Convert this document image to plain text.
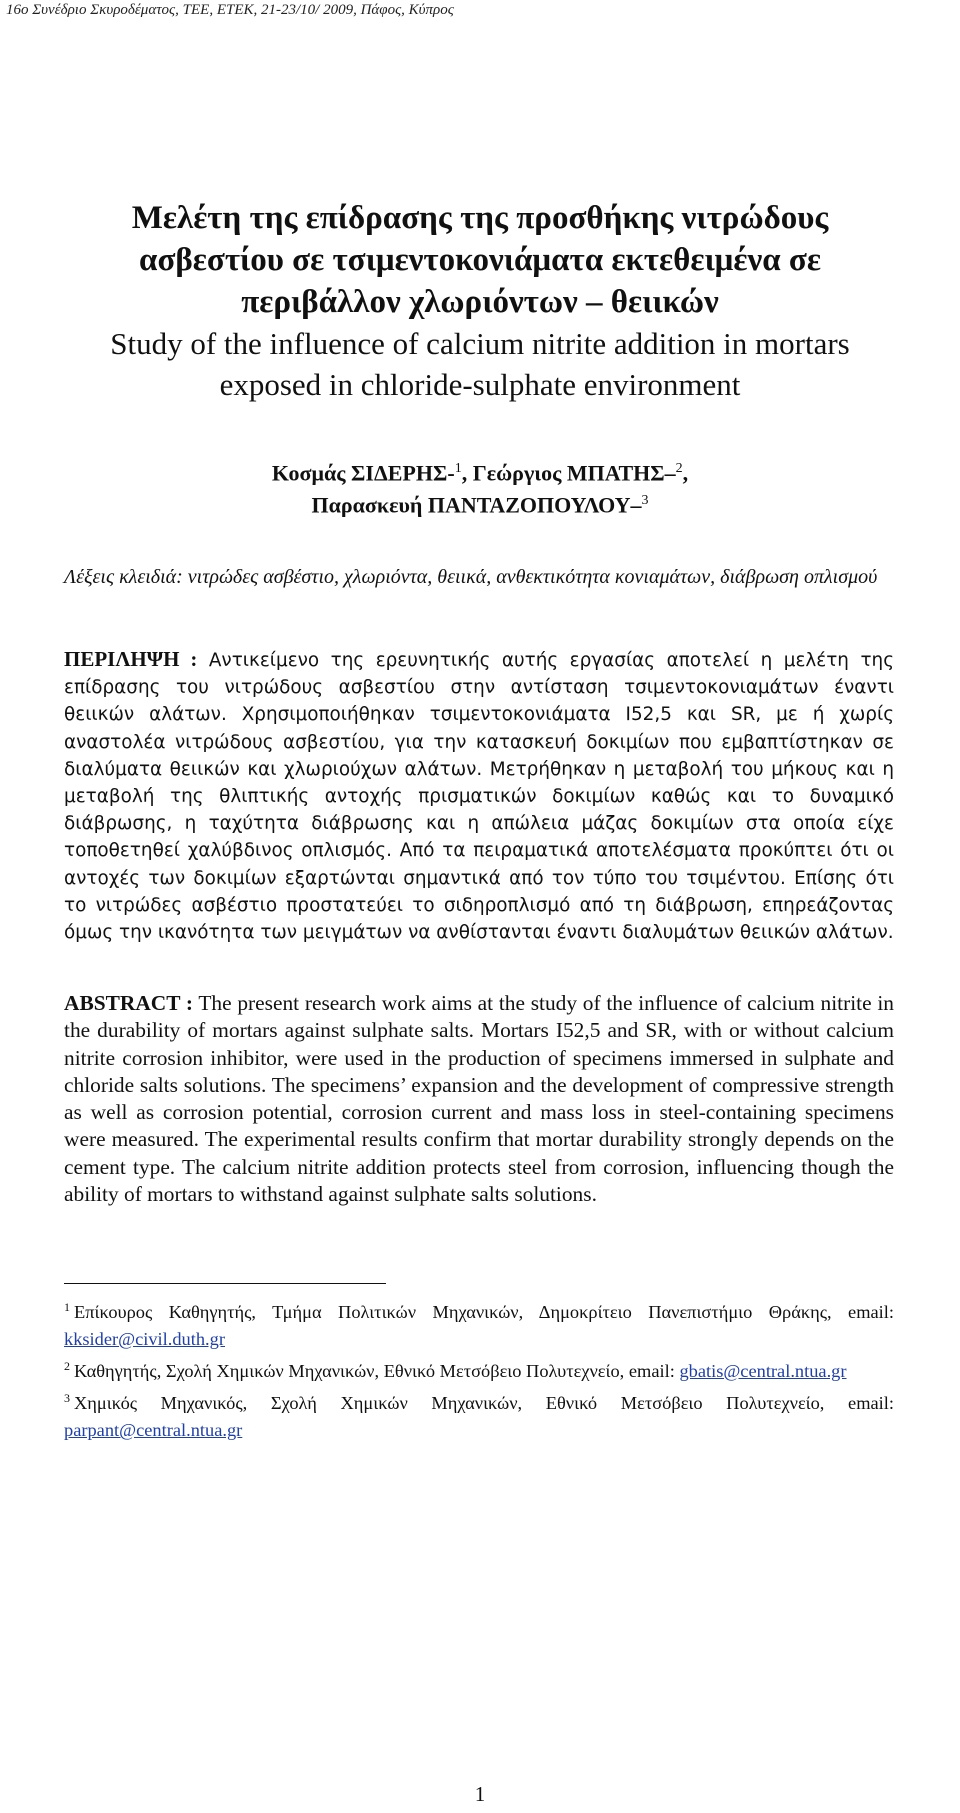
16ο Συνέδριο Σκυροδέματος, ΤΕΕ, ΕΤΕΚ, 21-23/10/ 2009, Πάφος, Κύπρος
Μελέτη της επίδρασης της προσθήκης νιτρώδους
ασβεστίου σε τσιμεντοκονιάματα εκτεθειμένα σε
περιβάλλον χλωριόντων – θειικών
Study of the influence of calcium nitrite addition in mortars
exposed in chloride-sulphate environment
Κοσμάς ΣΙΔΕΡΗΣ-$^1$, Γεώργιος ΜΠΑΤΗΣ–$^2$,
Παρασκευή ΠΑΝΤΑΖΟΠΟΥΛΟΥ–$^3$
Λέξεις κλειδιά: νιτρώδες ασβέστιο, χλωριόντα, θειικά, ανθεκτικότητα κονιαμάτων, διάβρωση οπλισμού
ΠΕΡΙΛΗΨΗ : Αντικείμενο της ερευνητικής αυτής εργασίας αποτελεί η μελέτη της επίδρασης του νιτρώδους ασβεστίου στην αντίσταση τσιμεντοκονιαμάτων έναντι θειικών αλάτων. Χρησιμοποιήθηκαν τσιμεντοκονιάματα Ι52,5 και SR, με ή χωρίς αναστολέα νιτρώδους ασβεστίου, για την κατασκευή δοκιμίων που εμβαπτίστηκαν σε διαλύματα θειικών και χλωριούχων αλάτων. Μετρήθηκαν η μεταβολή του μήκους και η μεταβολή της θλιπτικής αντοχής πρισματικών δοκιμίων καθώς και το δυναμικό διάβρωσης, η ταχύτητα διάβρωσης και η απώλεια μάζας δοκιμίων στα οποία είχε τοποθετηθεί χαλύβδινος οπλισμός. Από τα πειραματικά αποτελέσματα προκύπτει ότι οι αντοχές των δοκιμίων εξαρτώνται σημαντικά από τον τύπο του τσιμέντου. Επίσης ότι το νιτρώδες ασβέστιο προστατεύει το σιδηροπλισμό από τη διάβρωση, επηρεάζοντας όμως την ικανότητα των μειγμάτων να ανθίστανται έναντι διαλυμάτων θειικών αλάτων.
ABSTRACT : The present research work aims at the study of the influence of calcium nitrite in the durability of mortars against sulphate salts. Mortars I52,5 and SR, with or without calcium nitrite corrosion inhibitor, were used in the production of specimens immersed in sulphate and chloride salts solutions. The specimens’ expansion and the development of compressive strength as well as corrosion potential, corrosion current and mass loss in steel-containing specimens were measured. The experimental results confirm that mortar durability strongly depends on the cement type. The calcium nitrite addition protects steel from corrosion, influencing though the ability of mortars to withstand against sulphate salts solutions.

$^1$ Επίκουρος Καθηγητής, Τμήμα Πολιτικών Μηχανικών, Δημοκρίτειο Πανεπιστήμιο Θράκης, email: kksider@civil.duth.gr

$^2$ Καθηγητής, Σχολή Χημικών Μηχανικών, Εθνικό Μετσόβειο Πολυτεχνείο, email: gbatis@central.ntua.gr

$^3$ Χημικός Μηχανικός, Σχολή Χημικών Μηχανικών, Εθνικό Μετσόβειο Πολυτεχνείο, email: parpant@central.ntua.gr

1
